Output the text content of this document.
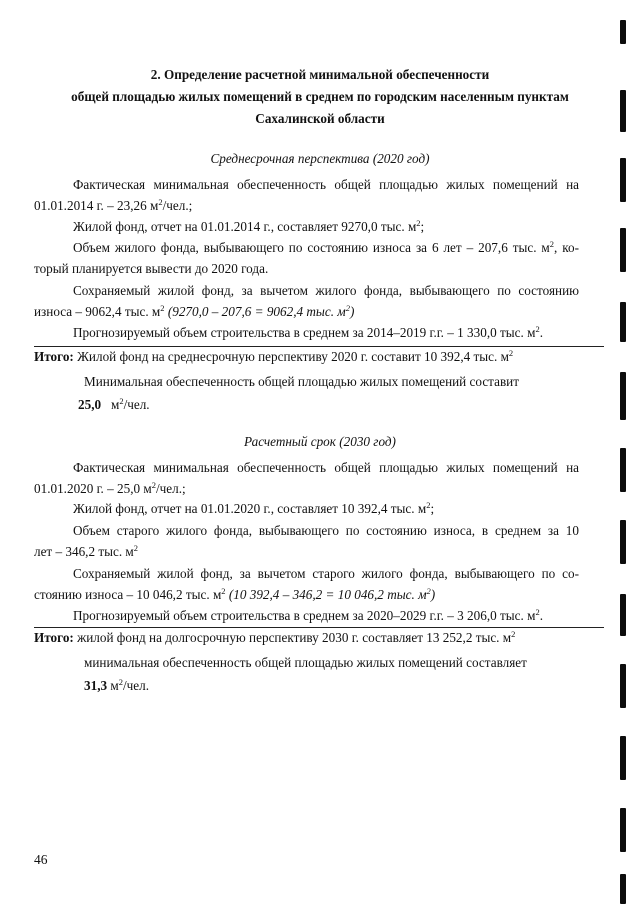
2. Определение расчетной минимальной обеспеченности
общей площадью жилых помещений в среднем по городским населенным пунктам
Сахалинской области
Среднесрочная перспектива (2020 год)
Фактическая минимальная обеспеченность общей площадью жилых помещений на
01.01.2014 г. – 23,26 $м^2$/чел.;
Жилой фонд, отчет на 01.01.2014 г., составляет 9270,0 тыс. $м^2$;
Объем жилого фонда, выбывающего по состоянию износа за 6 лет – 207,6 тыс. $м^2$, ко-
торый планируется вывести до 2020 года.
Сохраняемый жилой фонд, за вычетом жилого фонда, выбывающего по состоянию
износа – 9062,4 тыс. $м^2$ (9270,0 – 207,6 = 9062,4 тыс. $м^2$)
Прогнозируемый объем строительства в среднем за 2014–2019 г.г. – 1 330,0 тыс. $м^2$.
Итого: Жилой фонд на среднесрочную перспективу 2020 г. составит 10 392,4 тыс. $м^2$
Минимальная обеспеченность общей площадью жилых помещений составит
25,0 $м^2$/чел.
Расчетный срок (2030 год)
Фактическая минимальная обеспеченность общей площадью жилых помещений на
01.01.2020 г. – 25,0 $м^2$/чел.;
Жилой фонд, отчет на 01.01.2020 г., составляет 10 392,4 тыс. $м^2$;
Объем старого жилого фонда, выбывающего по состоянию износа, в среднем за 10
лет – 346,2 тыс. $м^2$
Сохраняемый жилой фонд, за вычетом старого жилого фонда, выбывающего по со-
стоянию износа – 10 046,2 тыс. $м^2$ (10 392,4 – 346,2 = 10 046,2 тыс. $м^2$)
Прогнозируемый объем строительства в среднем за 2020–2029 г.г. – 3 206,0 тыс. $м^2$.
Итого: жилой фонд на долгосрочную перспективу 2030 г. составляет 13 252,2 тыс. $м^2$
минимальная обеспеченность общей площадью жилых помещений составляет
31,3 $м^2$/чел.
46
